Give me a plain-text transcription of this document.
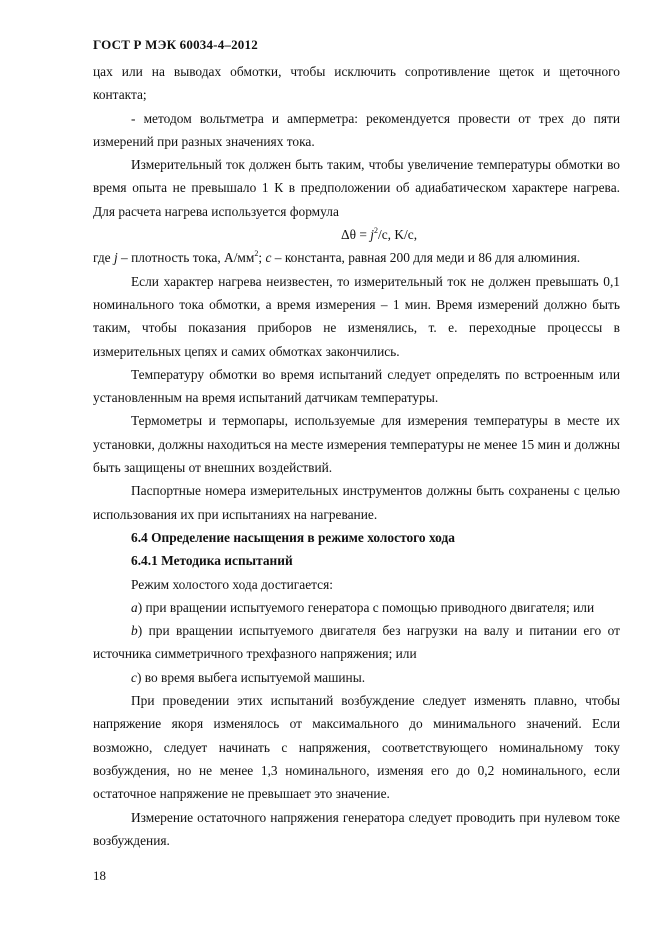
ГОСТ Р МЭК 60034-4–2012

цах или на выводах обмотки, чтобы исключить сопротивление щеток и щеточного контакта;

- методом вольтметра и амперметра: рекомендуется провести от трех до пяти измерений при разных значениях тока.

Измерительный ток должен быть таким, чтобы увеличение температуры обмотки во время опыта не превышало 1 К в предположении об адиабатическом характере нагрева. Для расчета нагрева используется формула

$\Delta\theta = j^2/c$, K/c,

где j – плотность тока, $А/мм^2$; c – константа, равная 200 для меди и 86 для алюминия.

Если характер нагрева неизвестен, то измерительный ток не должен превышать 0,1 номинального тока обмотки, а время измерения – 1 мин. Время измерений должно быть таким, чтобы показания приборов не изменялись, т. е. переходные процессы в измерительных цепях и самих обмотках закончились.

Температуру обмотки во время испытаний следует определять по встроенным или установленным на время испытаний датчикам температуры.

Термометры и термопары, используемые для измерения температуры в месте их установки, должны находиться на месте измерения температуры не менее 15 мин и должны быть защищены от внешних воздействий.

Паспортные номера измерительных инструментов должны быть сохранены с целью использования их при испытаниях на нагревание.

6.4 Определение насыщения в режиме холостого хода

6.4.1 Методика испытаний

Режим холостого хода достигается:

а) при вращении испытуемого генератора с помощью приводного двигателя; или

b) при вращении испытуемого двигателя без нагрузки на валу и питании его от источника симметричного трехфазного напряжения; или

с) во время выбега испытуемой машины.

При проведении этих испытаний возбуждение следует изменять плавно, чтобы напряжение якоря изменялось от максимального до минимального значений. Если возможно, следует начинать с напряжения, соответствующего номинальному току возбуждения, но не менее 1,3 номинального, изменяя его до 0,2 номинального, если остаточное напряжение не превышает это значение.

Измерение остаточного напряжения генератора следует проводить при нулевом токе возбуждения.

18
